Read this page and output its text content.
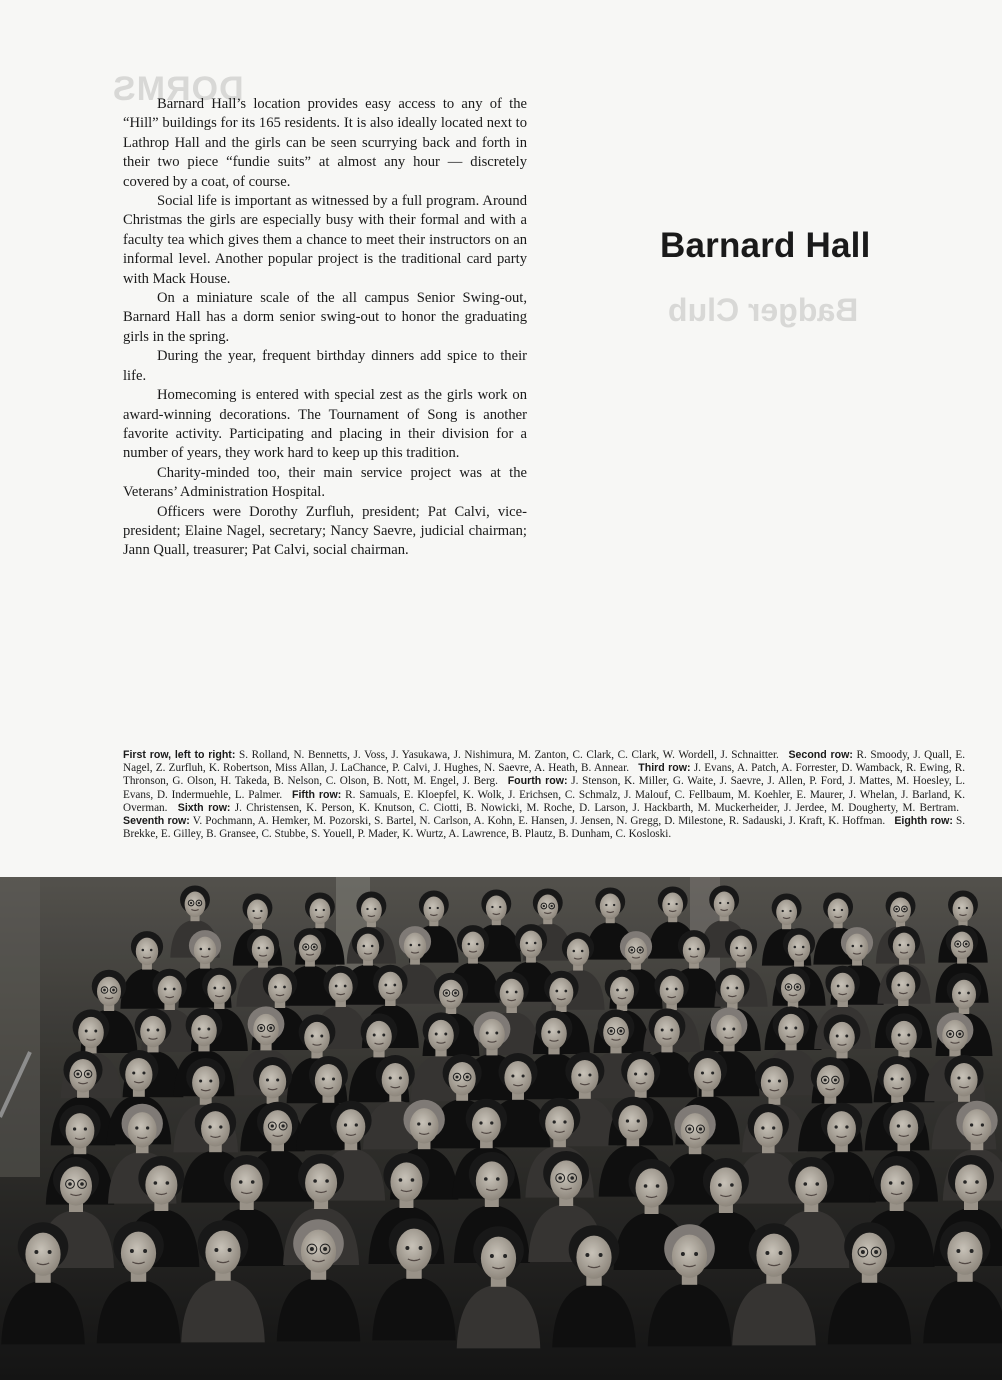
DORMS
Badger Club

Barnard Hall’s location provides easy access to any of the “Hill” buildings for its 165 residents. It is also ideally located next to Lathrop Hall and the girls can be seen scurrying back and forth in their two piece “fundie suits” at almost any hour — discretely covered by a coat, of course.

Social life is important as witnessed by a full program. Around Christmas the girls are especially busy with their formal and with a faculty tea which gives them a chance to meet their instructors on an informal level. Another popular project is the traditional card party with Mack House.

On a miniature scale of the all campus Senior Swing-out, Barnard Hall has a dorm senior swing-out to honor the graduating girls in the spring.

During the year, frequent birthday dinners add spice to their life.

Homecoming is entered with special zest as the girls work on award-winning decorations. The Tournament of Song is another favorite activity. Participating and placing in their division for a number of years, they work hard to keep up this tradition.

Charity-minded too, their main service project was at the Veterans’ Administration Hospital.

Officers were Dorothy Zurfluh, president; Pat Calvi, vice-president; Elaine Nagel, secretary; Nancy Saevre, judicial chairman; Jann Quall, treasurer; Pat Calvi, social chairman.

Barnard Hall
First row, left to right: S. Rolland, N. Bennetts, J. Voss, J. Yasukawa, J. Nishimura, M. Zanton, C. Clark, C. Clark, W. Wordell, J. Schnaitter. Second row: R. Smoody, J. Quall, E. Nagel, Z. Zurfluh, K. Robertson, Miss Allan, J. LaChance, P. Calvi, J. Hughes, N. Saevre, A. Heath, B. Annear. Third row: J. Evans, A. Patch, A. Forrester, D. Wamback, R. Ewing, R. Thronson, G. Olson, H. Takeda, B. Nelson, C. Olson, B. Nott, M. Engel, J. Berg. Fourth row: J. Stenson, K. Miller, G. Waite, J. Saevre, J. Allen, P. Ford, J. Mattes, M. Hoesley, L. Evans, D. Indermuehle, L. Palmer. Fifth row: R. Samuals, E. Kloepfel, K. Wolk, J. Erichsen, C. Schmalz, J. Malouf, C. Fellbaum, M. Koehler, E. Maurer, J. Whelan, J. Barland, K. Overman. Sixth row: J. Christensen, K. Person, K. Knutson, C. Ciotti, B. Nowicki, M. Roche, D. Larson, J. Hackbarth, M. Muckerheider, J. Jerdee, M. Dougherty, M. Bertram. Seventh row: V. Pochmann, A. Hemker, M. Pozorski, S. Bartel, N. Carlson, A. Kohn, E. Hansen, J. Jensen, N. Gregg, D. Milestone, R. Sadauski, J. Kraft, K. Hoffman. Eighth row: S. Brekke, E. Gilley, B. Gransee, C. Stubbe, S. Youell, P. Mader, K. Wurtz, A. Lawrence, B. Plautz, B. Dunham, C. Kosloski.
